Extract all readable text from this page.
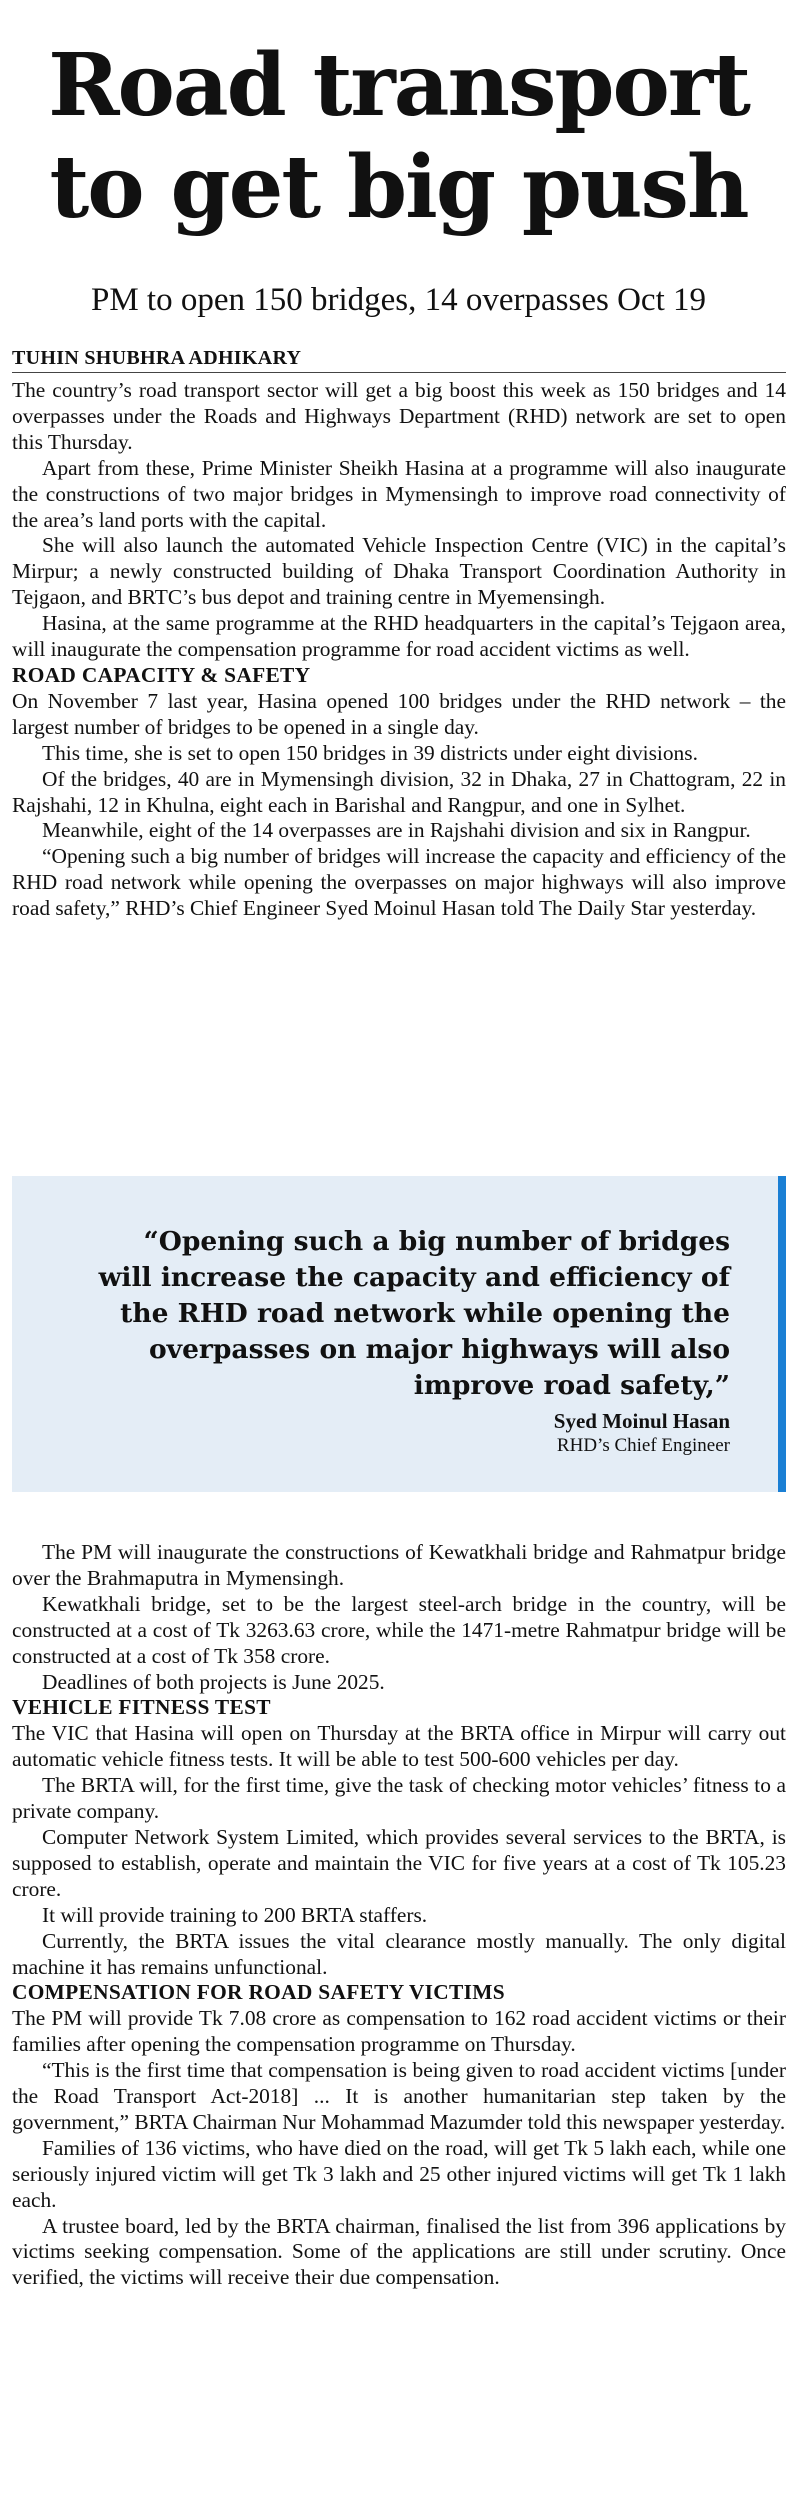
Road transport
to get big push
PM to open 150 bridges, 14 overpasses Oct 19
TUHIN SHUBHRA ADHIKARY

The country’s road transport sector will get a big boost this week as 150 bridges and 14 overpasses under the Roads and Highways Department (RHD) network are set to open this Thursday.

Apart from these, Prime Minister Sheikh Hasina at a programme will also inaugurate the constructions of two major bridges in Mymensingh to improve road connectivity of the area’s land ports with the capital.

She will also launch the automated Vehicle Inspection Centre (VIC) in the capital’s Mirpur; a newly constructed building of Dhaka Transport Coordination Authority in Tejgaon, and BRTC’s bus depot and training centre in Myemensingh.

Hasina, at the same programme at the RHD headquarters in the capital’s Tejgaon area, will inaugurate the compensation programme for road accident victims as well.

ROAD CAPACITY & SAFETY

On November 7 last year, Hasina opened 100 bridges under the RHD network – the largest number of bridges to be opened in a single day.

This time, she is set to open 150 bridges in 39 districts under eight divisions.

Of the bridges, 40 are in Mymensingh division, 32 in Dhaka, 27 in Chattogram, 22 in Rajshahi, 12 in Khulna, eight each in Barishal and Rangpur, and one in Sylhet.

Meanwhile, eight of the 14 overpasses are in Rajshahi division and six in Rangpur.

“Opening such a big number of bridges will increase the capacity and efficiency of the RHD road network while opening the overpasses on major highways will also improve road safety,” RHD’s Chief Engineer Syed Moinul Hasan told The Daily Star yesterday.

“Opening such a big number of bridges will increase the capacity and efficiency of the RHD road network while opening the overpasses on major highways will also improve road safety,”
Syed Moinul Hasan
RHD’s Chief Engineer

The PM will inaugurate the constructions of Kewatkhali bridge and Rahmatpur bridge over the Brahmaputra in Mymensingh.

Kewatkhali bridge, set to be the largest steel-arch bridge in the country, will be constructed at a cost of Tk 3263.63 crore, while the 1471-metre Rahmatpur bridge will be constructed at a cost of Tk 358 crore.

Deadlines of both projects is June 2025.

VEHICLE FITNESS TEST

The VIC that Hasina will open on Thursday at the BRTA office in Mirpur will carry out automatic vehicle fitness tests. It will be able to test 500-600 vehicles per day.

The BRTA will, for the first time, give the task of checking motor vehicles’ fitness to a private company.

Computer Network System Limited, which provides several services to the BRTA, is supposed to establish, operate and maintain the VIC for five years at a cost of Tk 105.23 crore.

It will provide training to 200 BRTA staffers.

Currently, the BRTA issues the vital clearance mostly manually. The only digital machine it has remains unfunctional.

COMPENSATION FOR ROAD SAFETY VICTIMS

The PM will provide Tk 7.08 crore as compensation to 162 road accident victims or their families after opening the compensation programme on Thursday.

“This is the first time that compensation is being given to road accident victims [under the Road Transport Act-2018] ... It is another humanitarian step taken by the government,” BRTA Chairman Nur Mohammad Mazumder told this newspaper yesterday.

Families of 136 victims, who have died on the road, will get Tk 5 lakh each, while one seriously injured victim will get Tk 3 lakh and 25 other injured victims will get Tk 1 lakh each.

A trustee board, led by the BRTA chairman, finalised the list from 396 applications by victims seeking compensation. Some of the applications are still under scrutiny. Once verified, the victims will receive their due compensation.
